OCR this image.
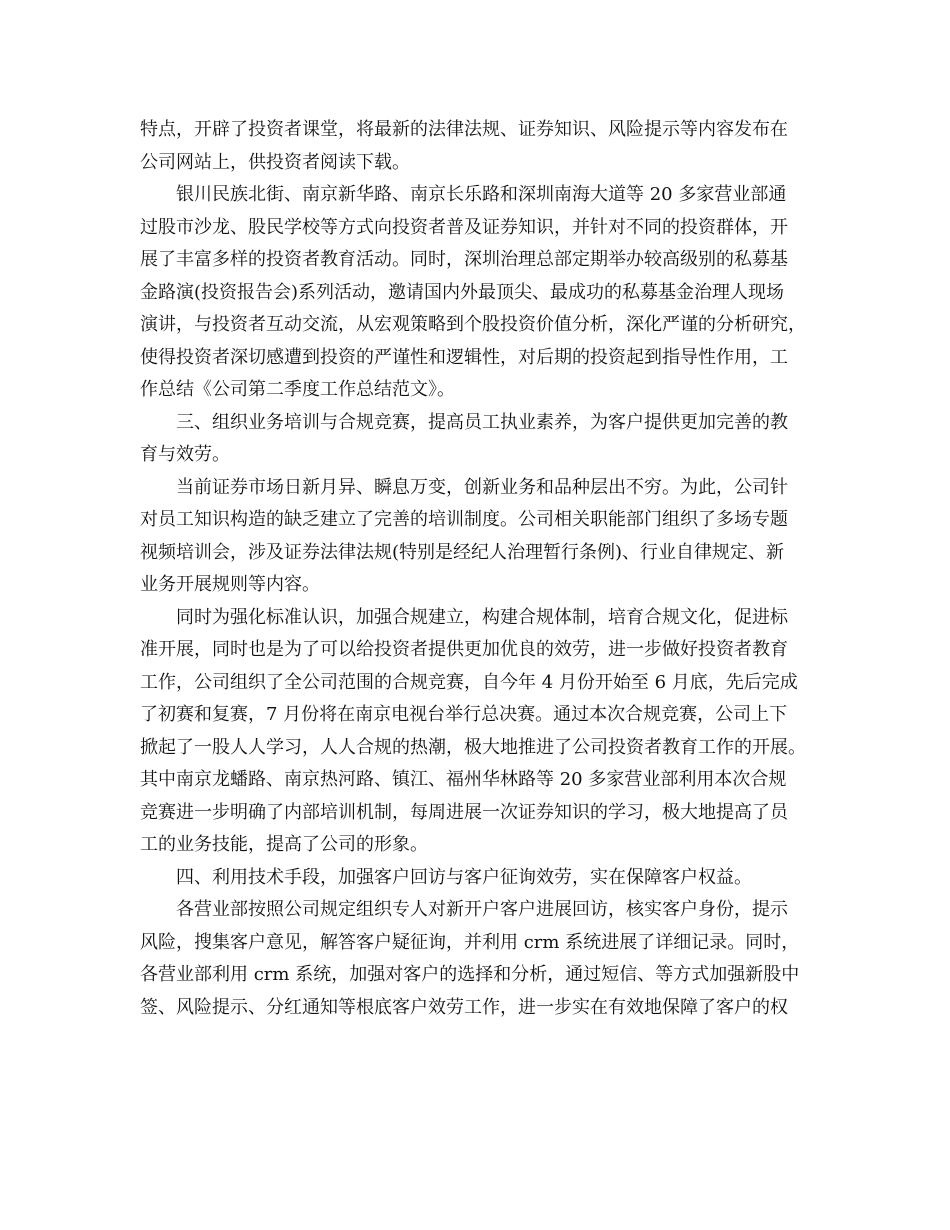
特点，开辟了投资者课堂，将最新的法律法规、证券知识、风险提示等内容发布在
公司网站上，供投资者阅读下载。
银川民族北街、南京新华路、南京长乐路和深圳南海大道等 20 多家营业部通
过股市沙龙、股民学校等方式向投资者普及证券知识，并针对不同的投资群体，开
展了丰富多样的投资者教育活动。同时，深圳治理总部定期举办较高级别的私募基
金路演(投资报告会)系列活动，邀请国内外最顶尖、最成功的私募基金治理人现场
演讲，与投资者互动交流，从宏观策略到个股投资价值分析，深化严谨的分析研究，
使得投资者深切感遭到投资的严谨性和逻辑性，对后期的投资起到指导性作用，工
作总结《公司第二季度工作总结范文》。
三、组织业务培训与合规竞赛，提高员工执业素养，为客户提供更加完善的教
育与效劳。
当前证券市场日新月异、瞬息万变，创新业务和品种层出不穷。为此，公司针
对员工知识构造的缺乏建立了完善的培训制度。公司相关职能部门组织了多场专题
视频培训会，涉及证券法律法规(特别是经纪人治理暂行条例)、行业自律规定、新
业务开展规则等内容。
同时为强化标准认识，加强合规建立，构建合规体制，培育合规文化，促进标
准开展，同时也是为了可以给投资者提供更加优良的效劳，进一步做好投资者教育
工作，公司组织了全公司范围的合规竞赛，自今年 4 月份开始至 6 月底，先后完成
了初赛和复赛，7 月份将在南京电视台举行总决赛。通过本次合规竞赛，公司上下
掀起了一股人人学习，人人合规的热潮，极大地推进了公司投资者教育工作的开展。
其中南京龙蟠路、南京热河路、镇江、福州华林路等 20 多家营业部利用本次合规
竞赛进一步明确了内部培训机制，每周进展一次证券知识的学习，极大地提高了员
工的业务技能，提高了公司的形象。
四、利用技术手段，加强客户回访与客户征询效劳，实在保障客户权益。
各营业部按照公司规定组织专人对新开户客户进展回访，核实客户身份，提示
风险，搜集客户意见，解答客户疑征询，并利用 crm 系统进展了详细记录。同时，
各营业部利用 crm 系统，加强对客户的选择和分析，通过短信、等方式加强新股中
签、风险提示、分红通知等根底客户效劳工作，进一步实在有效地保障了客户的权
